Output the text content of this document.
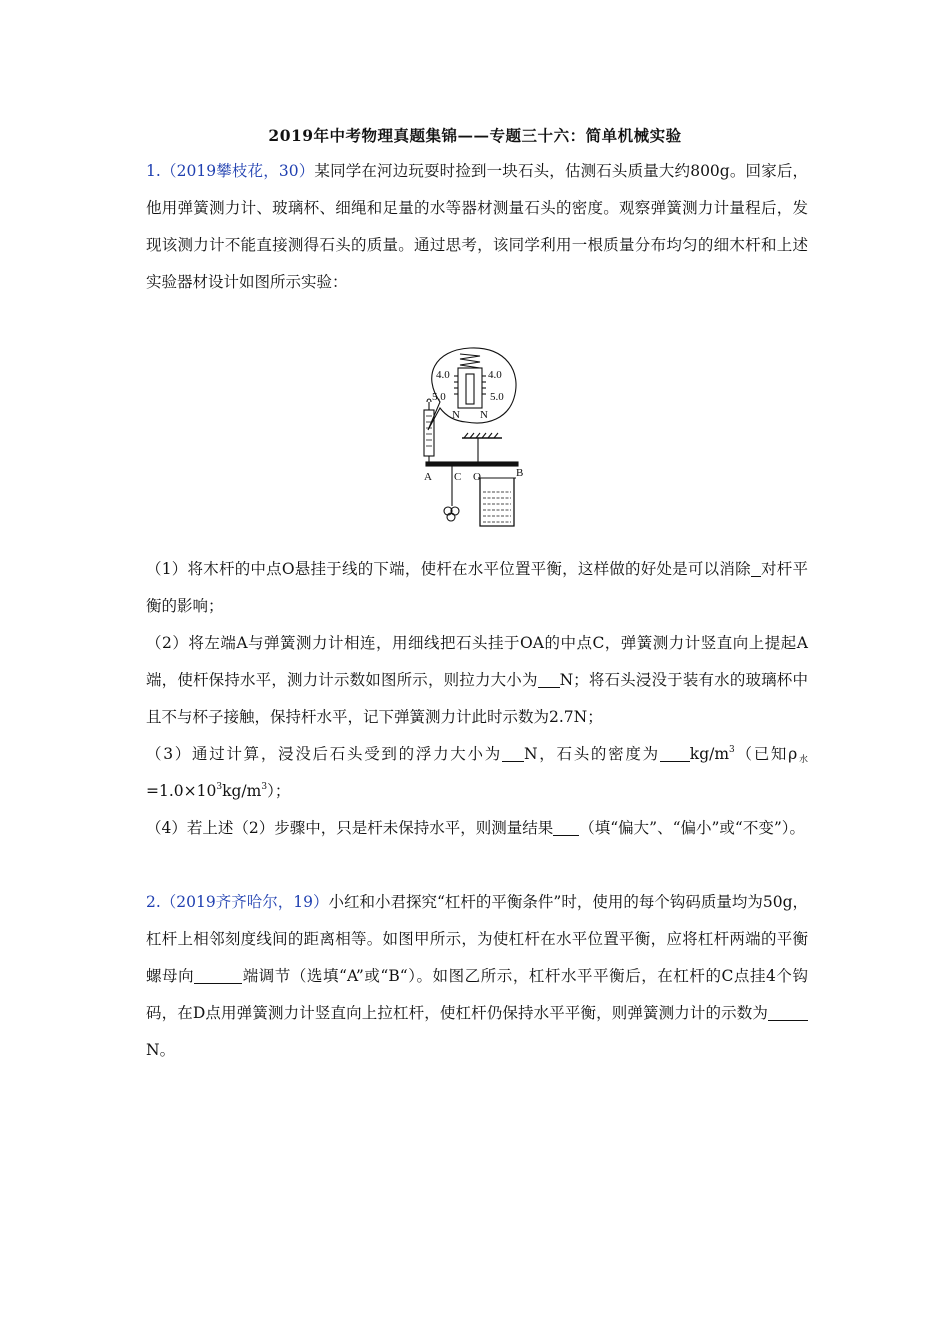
2019年中考物理真题集锦——专题三十六：简单机械实验
1.（2019攀枝花，30）某同学在河边玩耍时捡到一块石头，估测石头质量大约800g。回家后，他用弹簧测力计、玻璃杯、细绳和足量的水等器材测量石头的密度。观察弹簧测力计量程后，发现该测力计不能直接测得石头的质量。通过思考，该同学利用一根质量分布均匀的细木杆和上述实验器材设计如图所示实验：
4.0
5.0
4.0
5.0
N N
A C O	B
（1）将木杆的中点O悬挂于线的下端，使杆在水平位置平衡，这样做的好处是可以消除 对杆平衡的影响；
（2）将左端A与弹簧测力计相连，用细线把石头挂于OA的中点C，弹簧测力计竖直向上提起A端，使杆保持水平，测力计示数如图所示，则拉力大小为 N；将石头浸没于装有水的玻璃杯中且不与杯子接触，保持杆水平，记下弹簧测力计此时示数为2.7N；
（3）通过计算，浸没后石头受到的浮力大小为 N，石头的密度为 $kg/m^3$（已知$\rho_水=1.0\times 10^3kg/m^3$）；
（4）若上述（2）步骤中，只是杆未保持水平，则测量结果 （填“偏大”、“偏小”或“不变”）。
2.（2019齐齐哈尔，19）小红和小君探究“杠杆的平衡条件”时，使用的每个钩码质量均为50g，杠杆上相邻刻度线间的距离相等。如图甲所示，为使杠杆在水平位置平衡，应将杠杆两端的平衡螺母向	端调节（选填“A”或“B“）。如图乙所示，杠杆水平平衡后，在杠杆的C点挂4个钩码，在D点用弹簧测力计竖直向上拉杠杆，使杠杆仍保持水平平衡，则弹簧测力计的示数为N。
